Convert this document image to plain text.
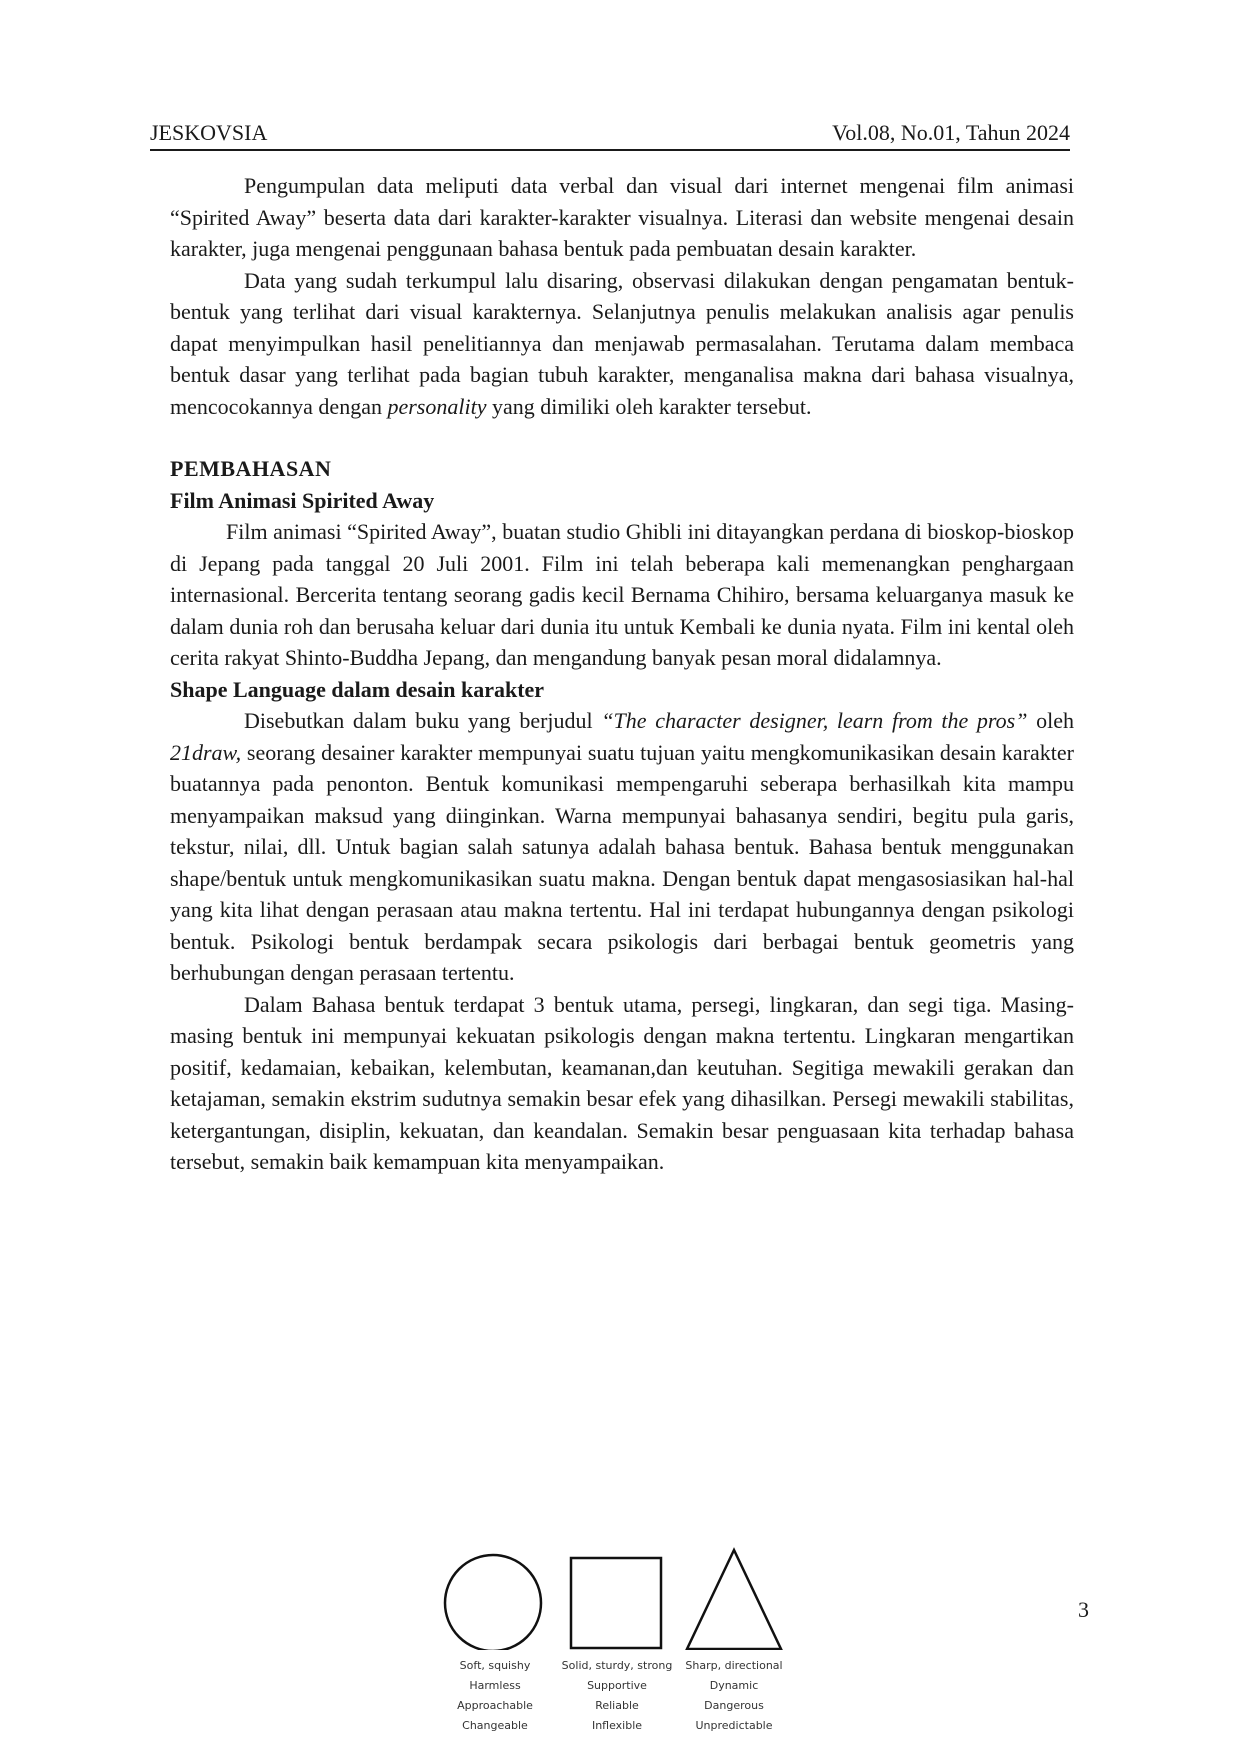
JESKOVSIA	Vol.08, No.01, Tahun 2024

Pengumpulan data meliputi data verbal dan visual dari internet mengenai film animasi “Spirited Away” beserta data dari karakter-karakter visualnya. Literasi dan website mengenai desain karakter, juga mengenai penggunaan bahasa bentuk pada pembuatan desain karakter.

Data yang sudah terkumpul lalu disaring, observasi dilakukan dengan pengamatan bentuk-bentuk yang terlihat dari visual karakternya. Selanjutnya penulis melakukan analisis agar penulis dapat menyimpulkan hasil penelitiannya dan menjawab permasalahan. Terutama dalam membaca bentuk dasar yang terlihat pada bagian tubuh karakter, menganalisa makna dari bahasa visualnya, mencocokannya dengan personality yang dimiliki oleh karakter tersebut.

PEMBAHASAN
Film Animasi Spirited Away

Film animasi “Spirited Away”, buatan studio Ghibli ini ditayangkan perdana di bioskop-bioskop di Jepang pada tanggal 20 Juli 2001. Film ini telah beberapa kali memenangkan penghargaan internasional. Bercerita tentang seorang gadis kecil Bernama Chihiro, bersama keluarganya masuk ke dalam dunia roh dan berusaha keluar dari dunia itu untuk Kembali ke dunia nyata. Film ini kental oleh cerita rakyat Shinto-Buddha Jepang, dan mengandung banyak pesan moral didalamnya.

Shape Language dalam desain karakter

Disebutkan dalam buku yang berjudul “The character designer, learn from the pros” oleh 21draw, seorang desainer karakter mempunyai suatu tujuan yaitu mengkomunikasikan desain karakter buatannya pada penonton. Bentuk komunikasi mempengaruhi seberapa berhasilkah kita mampu menyampaikan maksud yang diinginkan. Warna mempunyai bahasanya sendiri, begitu pula garis, tekstur, nilai, dll. Untuk bagian salah satunya adalah bahasa bentuk. Bahasa bentuk menggunakan shape/bentuk untuk mengkomunikasikan suatu makna. Dengan bentuk dapat mengasosiasikan hal-hal yang kita lihat dengan perasaan atau makna tertentu. Hal ini terdapat hubungannya dengan psikologi bentuk. Psikologi bentuk berdampak secara psikologis dari berbagai bentuk geometris yang berhubungan dengan perasaan tertentu.

Dalam Bahasa bentuk terdapat 3 bentuk utama, persegi, lingkaran, dan segi tiga. Masing-masing bentuk ini mempunyai kekuatan psikologis dengan makna tertentu. Lingkaran mengartikan positif, kedamaian, kebaikan, kelembutan, keamanan,dan keutuhan. Segitiga mewakili gerakan dan ketajaman, semakin ekstrim sudutnya semakin besar efek yang dihasilkan. Persegi mewakili stabilitas, ketergantungan, disiplin, kekuatan, dan keandalan. Semakin besar penguasaan kita terhadap bahasa tersebut, semakin baik kemampuan kita menyampaikan.

3
Soft, squishy
Harmless
Approachable
Changeable
Solid, sturdy, strong
Supportive
Reliable
Inflexible
Sharp, directional
Dynamic
Dangerous
Unpredictable
